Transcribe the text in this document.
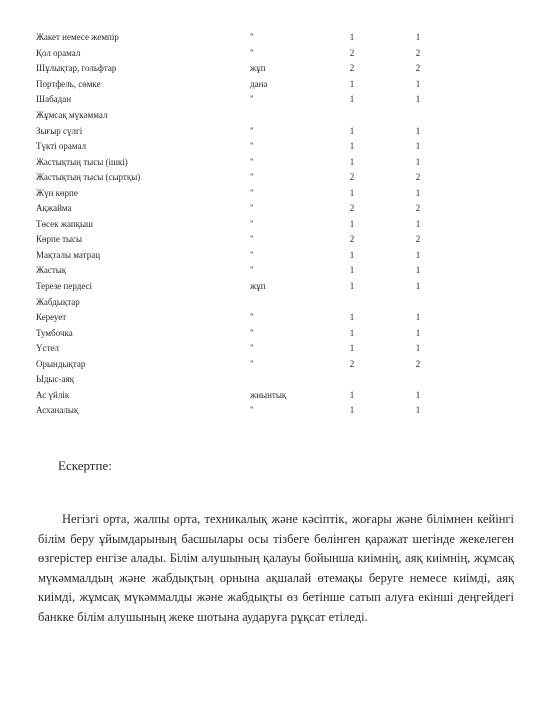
Жакет немесе жемпір	"	1	1
Қол орамал	"	2	2
Шұлықтар, гольфтар	жұп	2	2
Портфель, сөмке	дана	1	1
Шабадан	"	1	1
Жұмсақ мүкәммал			
Зығыр сүлгі	"	1	1
Түкті орамал	"	1	1
Жастықтың тысы (ішкі)	"	1	1
Жастықтың тысы (сыртқы)	"	2	2
Жүн көрпе	"	1	1
Ақжайма	"	2	2
Төсек жапқыш	"	1	1
Көрпе тысы	"	2	2
Мақталы матрац	"	1	1
Жастық	"	1	1
Терезе пердесі	жұп	1	1
Жабдықтар			
Кереует	"	1	1
Тумбочка	"	1	1
Үстел	"	1	1
Орындықтар	"	2	2
Ыдыс-аяқ			
Ас үйлік	жиынтық	1	1
Асханалық	"	1	1
Ескертпе:

Негізгі орта, жалпы орта, техникалық және кәсіптік, жоғары және білімнен кейінгі білім беру ұйымдарының басшылары осы тізбеге бөлінген қаражат шегінде жекелеген өзгерістер енгізе алады. Білім алушының қалауы бойынша киімнің, аяқ киімнің, жұмсақ мүкәммалдың және жабдықтың орнына ақшалай өтемақы беруге немесе киімді, аяқ киімді, жұмсақ мүкәммалды және жабдықты өз бетінше сатып алуға екінші деңгейдегі банкке білім алушының жеке шотына аударуға рұқсат етіледі.
